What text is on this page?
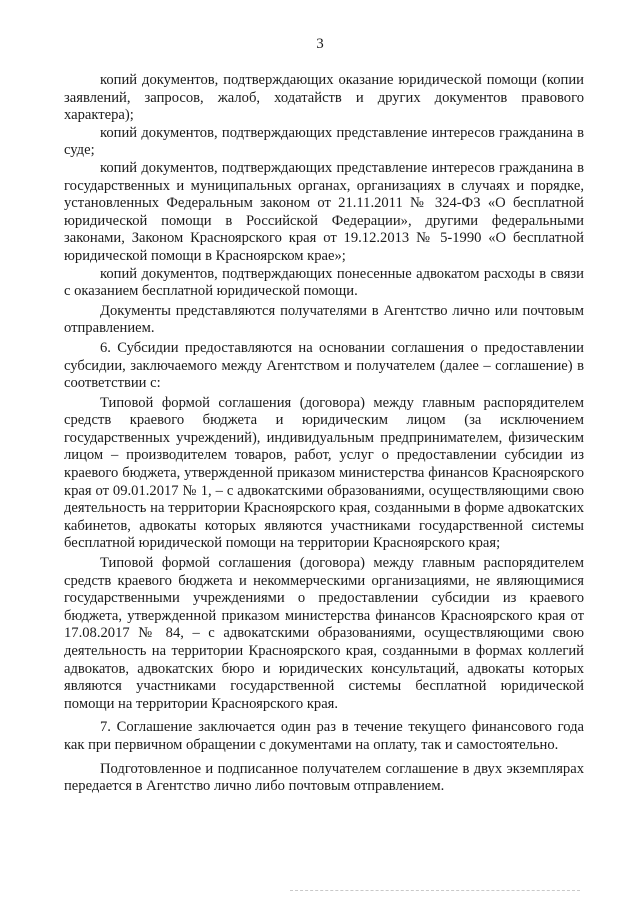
3

копий документов, подтверждающих оказание юридической помощи (копии заявлений, запросов, жалоб, ходатайств и других документов правового характера);

копий документов, подтверждающих представление интересов гражданина в суде;

копий документов, подтверждающих представление интересов гражданина в государственных и муниципальных органах, организациях в случаях и порядке, установленных Федеральным законом от 21.11.2011 № 324-ФЗ «О бесплатной юридической помощи в Российской Федерации», другими федеральными законами, Законом Красноярского края от 19.12.2013 № 5-1990 «О бесплатной юридической помощи в Красноярском крае»;

копий документов, подтверждающих понесенные адвокатом расходы в связи с оказанием бесплатной юридической помощи.

Документы представляются получателями в Агентство лично или почтовым отправлением.

6. Субсидии предоставляются на основании соглашения о предоставлении субсидии, заключаемого между Агентством и получателем (далее – соглашение) в соответствии с:

Типовой формой соглашения (договора) между главным распорядителем средств краевого бюджета и юридическим лицом (за исключением государственных учреждений), индивидуальным предпринимателем, физическим лицом – производителем товаров, работ, услуг о предоставлении субсидии из краевого бюджета, утвержденной приказом министерства финансов Красноярского края от 09.01.2017 № 1, – с адвокатскими образованиями, осуществляющими свою деятельность на территории Красноярского края, созданными в форме адвокатских кабинетов, адвокаты которых являются участниками государственной системы бесплатной юридической помощи на территории Красноярского края;

Типовой формой соглашения (договора) между главным распорядителем средств краевого бюджета и некоммерческими организациями, не являющимися государственными учреждениями о предоставлении субсидии из краевого бюджета, утвержденной приказом министерства финансов Красноярского края от 17.08.2017 № 84, – с адвокатскими образованиями, осуществляющими свою деятельность на территории Красноярского края, созданными в формах коллегий адвокатов, адвокатских бюро и юридических консультаций, адвокаты которых являются участниками государственной системы бесплатной юридической помощи на территории Красноярского края.

7. Соглашение заключается один раз в течение текущего финансового года как при первичном обращении с документами на оплату, так и самостоятельно.

Подготовленное и подписанное получателем соглашение в двух экземплярах передается в Агентство лично либо почтовым отправлением.
